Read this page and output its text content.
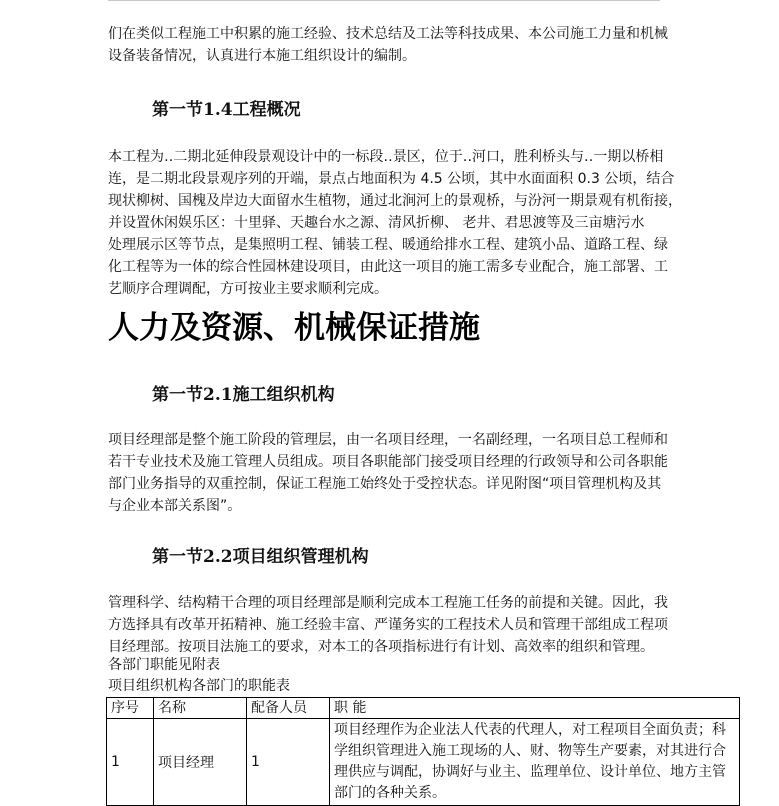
们在类似工程施工中积累的施工经验、技术总结及工法等科技成果、本公司施工力量和机械
设备装备情况，认真进行本施工组织设计的编制。
第一节1.4工程概况
本工程为‥二期北延伸段景观设计中的一标段‥景区，位于‥河口，胜利桥头与‥一期以桥相
连，是二期北段景观序列的开端，景点占地面积为 4.5 公顷，其中水面面积 0.3 公顷，结合
现状柳树、国槐及岸边大面留水生植物，通过北涧河上的景观桥，与汾河一期景观有机衔接，
并设置休闲娱乐区：十里驿、天趣台水之源、清风折柳、 老井、君思渡等及三亩塘污水
处理展示区等节点，是集照明工程、铺装工程、暖通给排水工程、建筑小品、道路工程、绿
化工程等为一体的综合性园林建设项目，由此这一项目的施工需多专业配合，施工部署、工
艺顺序合理调配，方可按业主要求顺利完成。
人力及资源、机械保证措施
第一节2.1施工组织机构
项目经理部是整个施工阶段的管理层，由一名项目经理，一名副经理，一名项目总工程师和
若干专业技术及施工管理人员组成。项目各职能部门接受项目经理的行政领导和公司各职能
部门业务指导的双重控制，保证工程施工始终处于受控状态。详见附图“项目管理机构及其
与企业本部关系图”。
第一节2.2项目组织管理机构
管理科学、结构精干合理的项目经理部是顺利完成本工程施工任务的前提和关键。因此，我
方选择具有改革开拓精神、施工经验丰富、严谨务实的工程技术人员和管理干部组成工程项
目经理部。按项目法施工的要求，对本工的各项指标进行有计划、高效率的组织和管理。
各部门职能见附表
项目组织机构各部门的职能表
序号	名称	配备人员	职 能
1	项目经理	1	项目经理作为企业法人代表的代理人，对工程项目全面负责；科
学组织管理进入施工现场的人、财、物等生产要素，对其进行合
理供应与调配，协调好与业主、监理单位、设计单位、地方主管
部门的各种关系。
